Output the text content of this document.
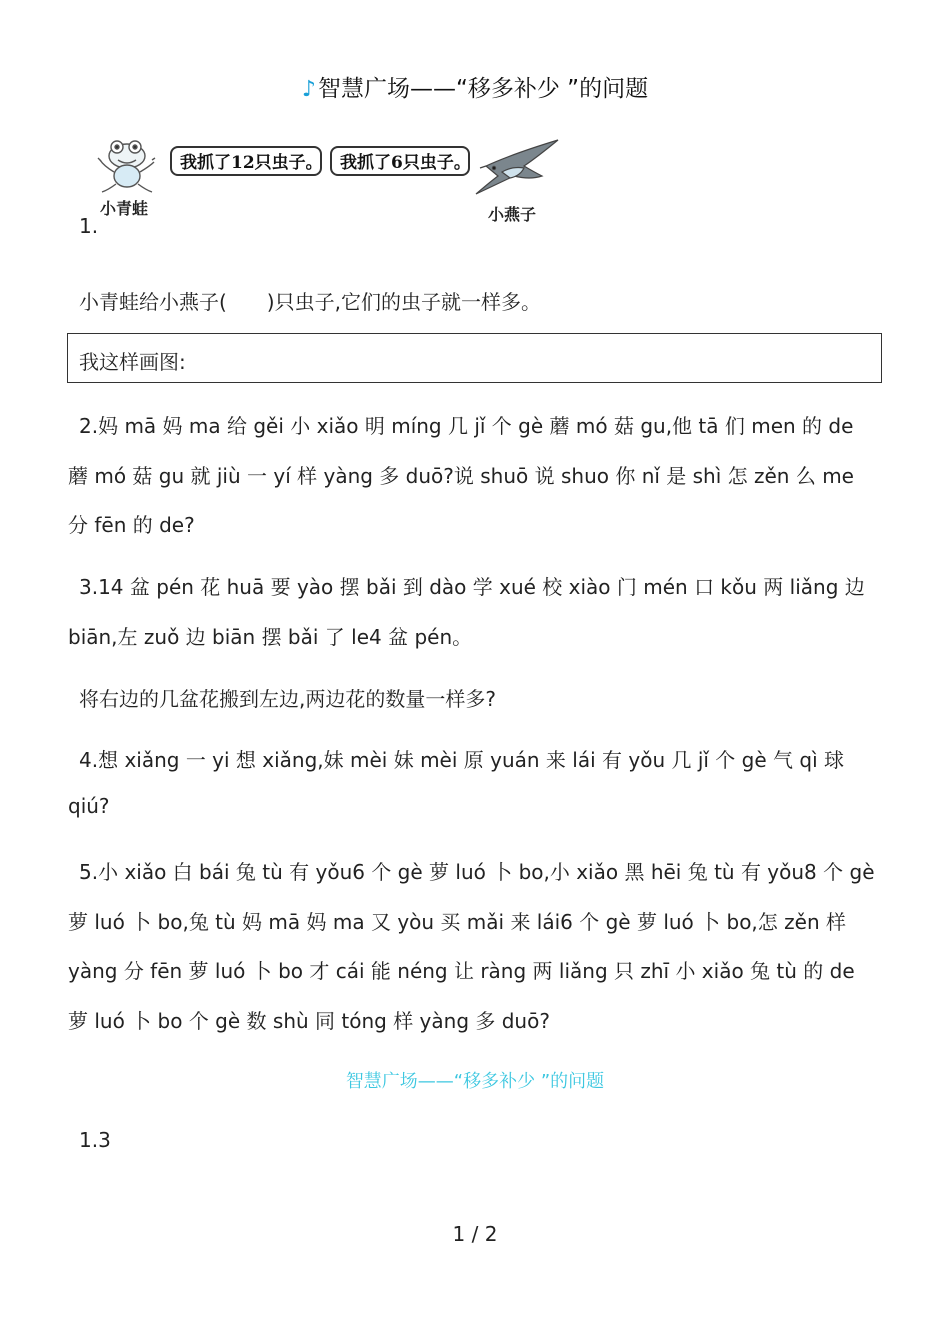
♪智慧广场——“移多补少 ”的问题
我抓了12只虫子。	我抓了6只虫子。
小青蛙	小燕子
1.
小青蛙给小燕子(　　)只虫子,它们的虫子就一样多。
我这样画图:
2.妈 mā 妈 ma 给 gěi 小 xiǎo 明 míng 几 jǐ 个 gè 蘑 mó 菇 gu,他 tā 们 men 的 de
蘑 mó 菇 gu 就 jiù 一 yí 样 yàng 多 duō?说 shuō 说 shuo 你 nǐ 是 shì 怎 zěn 么 me
分 fēn 的 de?
3.14 盆 pén 花 huā 要 yào 摆 bǎi 到 dào 学 xué 校 xiào 门 mén 口 kǒu 两 liǎng 边
biān,左 zuǒ 边 biān 摆 bǎi 了 le4 盆 pén。
将右边的几盆花搬到左边,两边花的数量一样多?
4.想 xiǎng 一 yi 想 xiǎng,妹 mèi 妹 mèi 原 yuán 来 lái 有 yǒu 几 jǐ 个 gè 气 qì 球
qiú?
5.小 xiǎo 白 bái 兔 tù 有 yǒu6 个 gè 萝 luó 卜 bo,小 xiǎo 黑 hēi 兔 tù 有 yǒu8 个 gè
萝 luó 卜 bo,兔 tù 妈 mā 妈 ma 又 yòu 买 mǎi 来 lái6 个 gè 萝 luó 卜 bo,怎 zěn 样
yàng 分 fēn 萝 luó 卜 bo 才 cái 能 néng 让 ràng 两 liǎng 只 zhī 小 xiǎo 兔 tù 的 de
萝 luó 卜 bo 个 gè 数 shù 同 tóng 样 yàng 多 duō?
智慧广场——“移多补少 ”的问题
1.3
1 / 2
